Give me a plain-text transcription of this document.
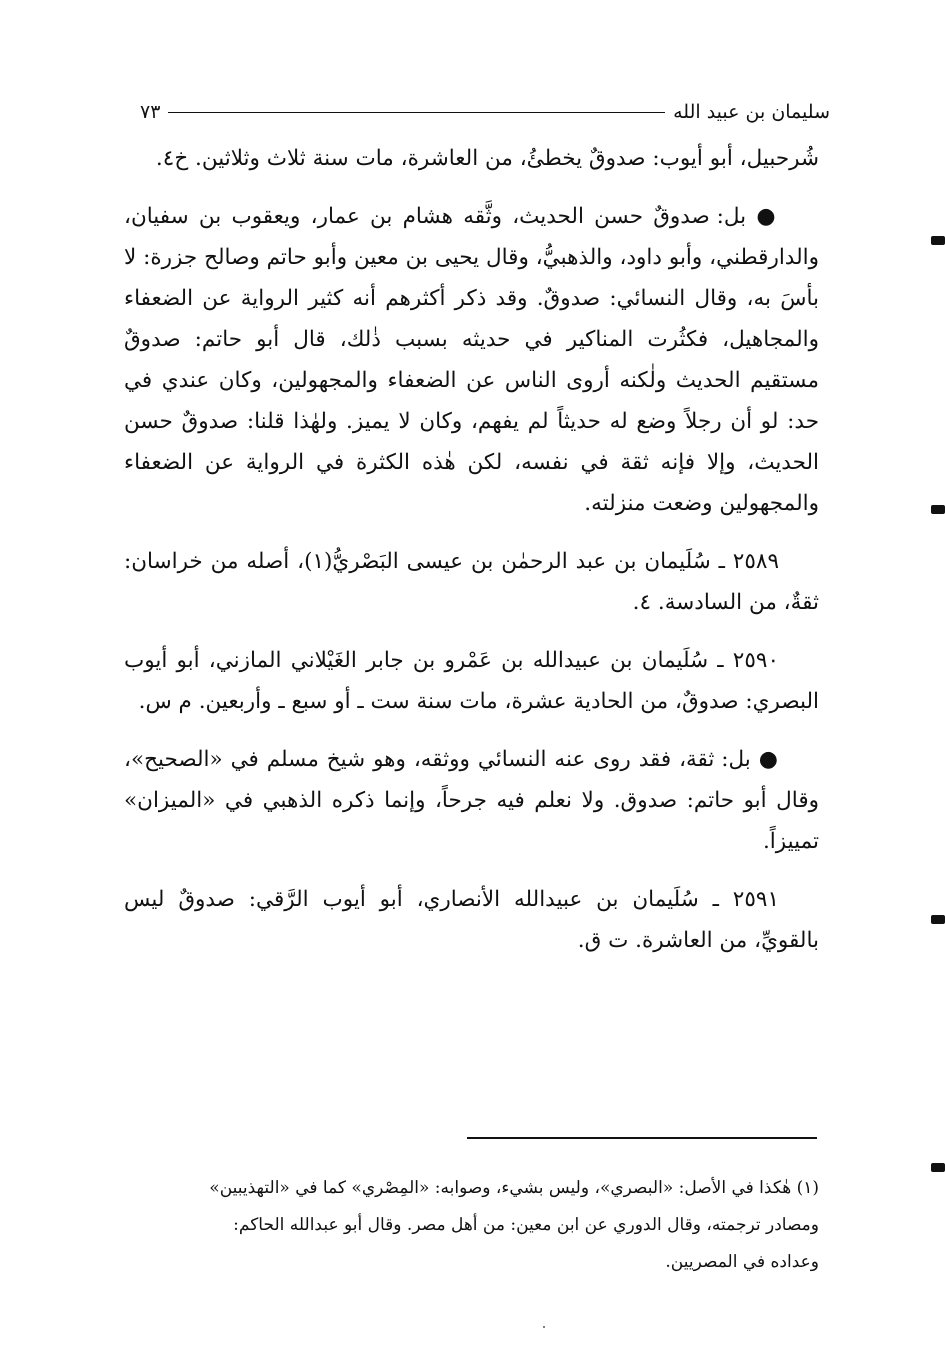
سليمان بن عبيد الله
٧٣

شُرحبيل، أبو أيوب: صدوقٌ يخطئُ، من العاشرة، مات سنة ثلاث وثلاثين. خ٤.

● بل: صدوقٌ حسن الحديث، وثَّقه هشام بن عمار، ويعقوب بن سفيان، والدارقطني، وأبو داود، والذهبيُّ، وقال يحيى بن معين وأبو حاتم وصالح جزرة: لا بأسَ به، وقال النسائي: صدوقٌ. وقد ذكر أكثرهم أنه كثير الرواية عن الضعفاء والمجاهيل، فكثُرت المناكير في حديثه بسبب ذٰلك، قال أبو حاتم: صدوقٌ مستقيم الحديث ولٰكنه أروى الناس عن الضعفاء والمجهولين، وكان عندي في حد: لو أن رجلاً وضع له حديثاً لم يفهم، وكان لا يميز. ولهٰذا قلنا: صدوقٌ حسن الحديث، وإلا فإنه ثقة في نفسه، لكن هٰذه الكثرة في الرواية عن الضعفاء والمجهولين وضعت منزلته.

٢٥٨٩ ـ سُلَيمان بن عبد الرحمٰن بن عيسى البَصْريُّ(١)، أصله من خراسان: ثقةٌ، من السادسة. ٤.

٢٥٩٠ ـ سُلَيمان بن عبيدالله بن عَمْرو بن جابر الغَيْلاني المازني، أبو أيوب البصري: صدوقٌ، من الحادية عشرة، مات سنة ست ـ أو سبع ـ وأربعين. م س.

● بل: ثقة، فقد روى عنه النسائي ووثقه، وهو شيخ مسلم في «الصحيح»، وقال أبو حاتم: صدوق. ولا نعلم فيه جرحاً، وإنما ذكره الذهبي في «الميزان» تمييزاً.

٢٥٩١ ـ سُلَيمان بن عبيدالله الأنصاري، أبو أيوب الرَّقي: صدوقٌ ليس بالقويِّ، من العاشرة. ت ق.

(١) هٰكذا في الأصل: «البصري»، وليس بشيء، وصوابه: «المِصْري» كما في «التهذيبين»
ومصادر ترجمته، وقال الدوري عن ابن معين: من أهل مصر. وقال أبو عبدالله الحاكم:
وعداده في المصريين.
